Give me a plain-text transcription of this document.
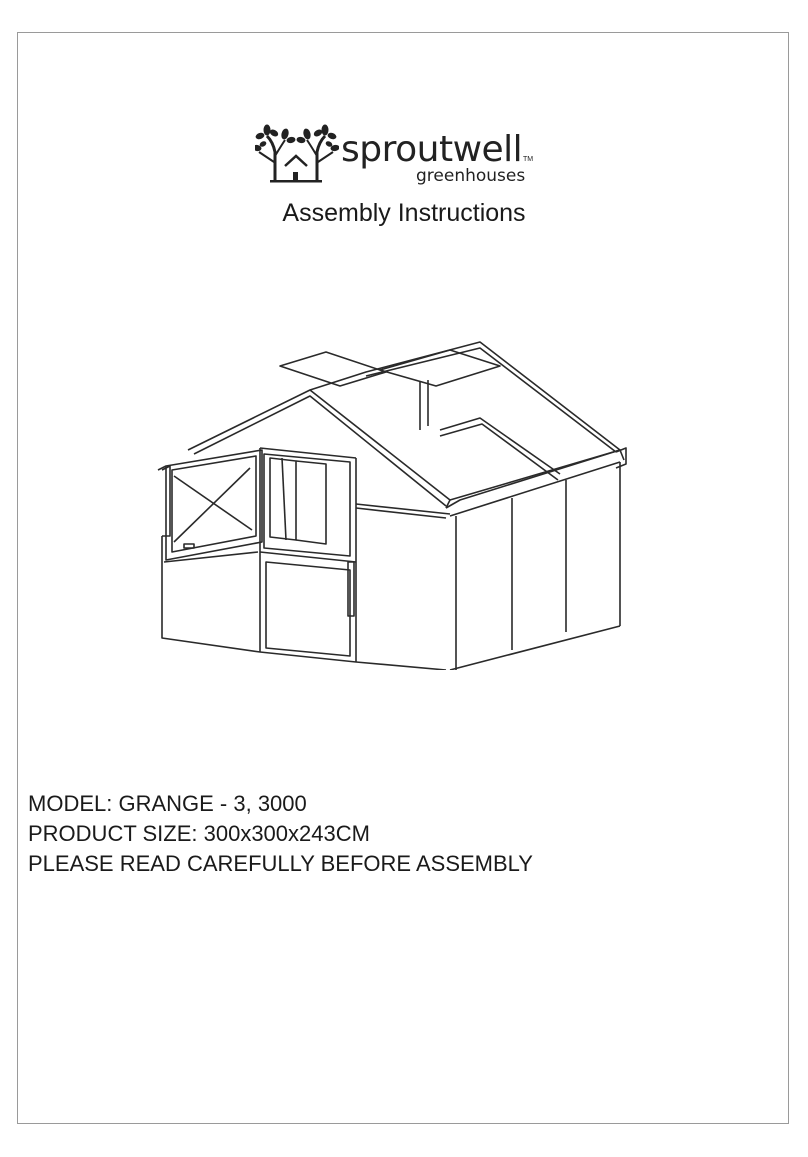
sproutwell TM
greenhouses
Assembly Instructions
MODEL: GRANGE - 3, 3000
PRODUCT SIZE: 300x300x243CM
PLEASE READ CAREFULLY BEFORE ASSEMBLY
